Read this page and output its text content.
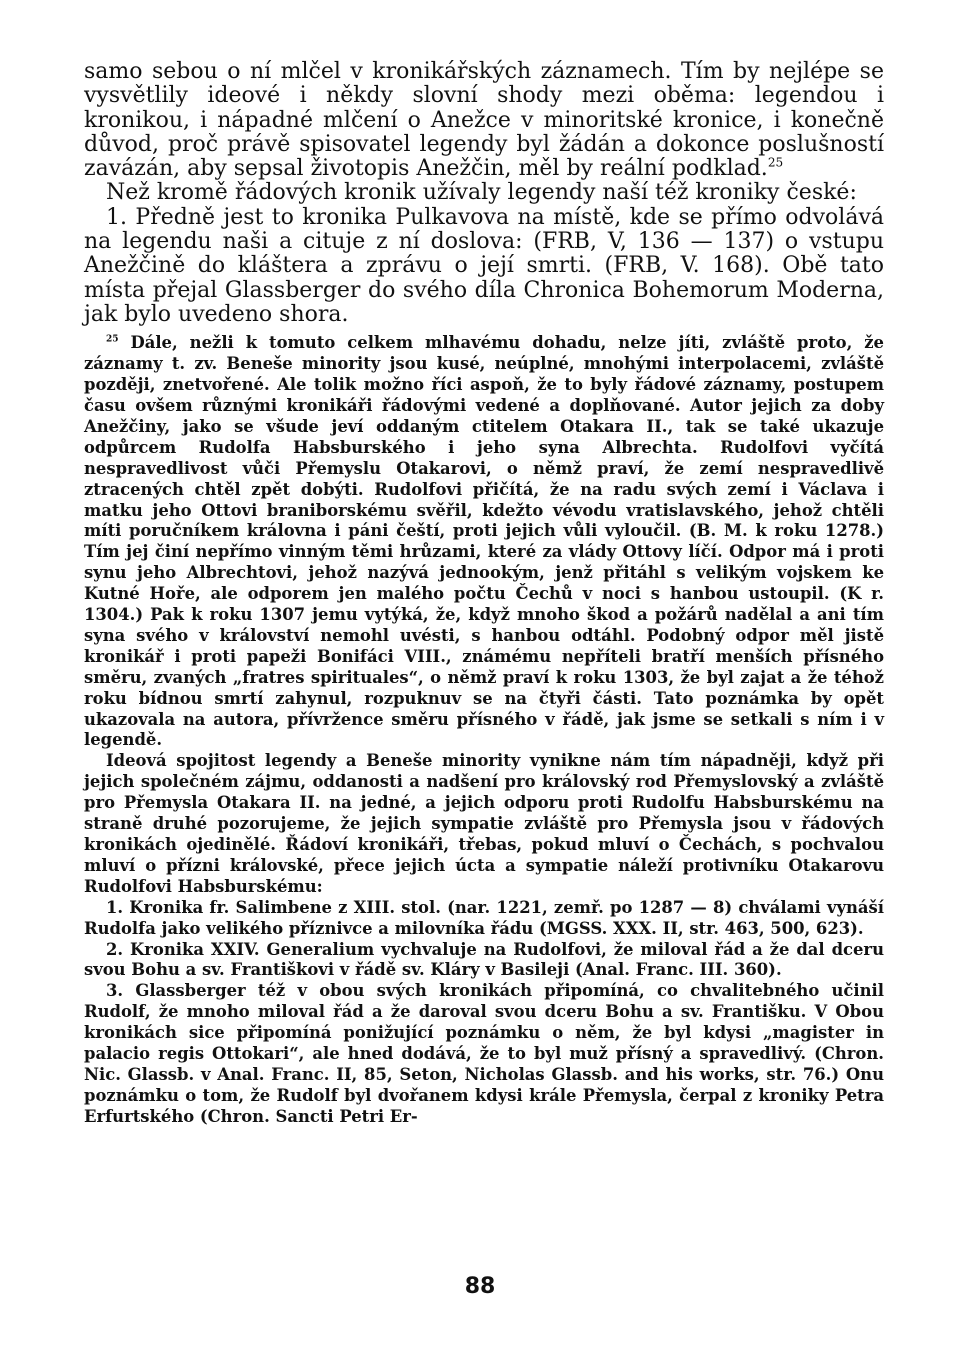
samo sebou o ní mlčel v kronikářských záznamech. Tím by nejlépe se vysvětlily ideové i někdy slovní shody mezi oběma: legendou i kronikou, i nápadné mlčení o Anežce v minoritské kronice, i konečně důvod, proč právě spisovatel legendy byl žádán a dokonce poslušností zavázán, aby sepsal životopis Anežčin, měl by reální podklad.$^{25}$

Než kromě řádových kronik užívaly legendy naší též kroniky české:

1. Předně jest to kronika Pulkavova na místě, kde se přímo odvolává na legendu naši a cituje z ní doslova: (FRB, V, 136 — 137) o vstupu Anežčině do kláštera a zprávu o její smrti. (FRB, V. 168). Obě tato místa přejal Glassberger do svého díla Chronica Bohemorum Moderna, jak bylo uvedeno shora.

$^{25}$ Dále, nežli k tomuto celkem mlhavému dohadu, nelze jíti, zvláště proto, že záznamy t. zv. Beneše minority jsou kusé, neúplné, mnohými interpolacemi, zvláště později, znetvořené. Ale tolik možno říci aspoň, že to byly řádové záznamy, postupem času ovšem různými kronikáři řádovými vedené a doplňované. Autor jejich za doby Anežčiny, jako se všude jeví oddaným ctitelem Otakara II., tak se také ukazuje odpůrcem Rudolfa Habsburského i jeho syna Albrechta. Rudolfovi vyčítá nespravedlivost vůči Přemyslu Otakarovi, o němž praví, že zemí nespravedlivě ztracených chtěl zpět dobýti. Rudolfovi přičítá, že na radu svých zemí i Václava i matku jeho Ottovi braniborskému svěřil, kdežto vévodu vratislavského, jehož chtěli míti poručníkem královna i páni čeští, proti jejich vůli vyloučil. (B. M. k roku 1278.) Tím jej činí nepřímo vinným těmi hrůzami, které za vlády Ottovy líčí. Odpor má i proti synu jeho Albrechtovi, jehož nazývá jednookým, jenž přitáhl s velikým vojskem ke Kutné Hoře, ale odporem jen malého počtu Čechů v noci s hanbou ustoupil. (K r. 1304.) Pak k roku 1307 jemu vytýká, že, když mnoho škod a požárů nadělal a ani tím syna svého v království nemohl uvésti, s hanbou odtáhl. Podobný odpor měl jistě kronikář i proti papeži Bonifáci VIII., známému nepříteli bratří menších přísného směru, zvaných „fratres spirituales“, o němž praví k roku 1303, že byl zajat a že téhož roku bídnou smrtí zahynul, rozpuknuv se na čtyři části. Tato poznámka by opět ukazovala na autora, přívržence směru přísného v řádě, jak jsme se setkali s ním i v legendě.

Ideová spojitost legendy a Beneše minority vynikne nám tím nápadněji, když při jejich společném zájmu, oddanosti a nadšení pro královský rod Přemyslovský a zvláště pro Přemysla Otakara II. na jedné, a jejich odporu proti Rudolfu Habsburskému na straně druhé pozorujeme, že jejich sympatie zvláště pro Přemysla jsou v řádových kronikách ojedinělé. Řádoví kronikáři, třebas, pokud mluví o Čechách, s pochvalou mluví o přízni královské, přece jejich úcta a sympatie náleží protivníku Otakarovu Rudolfovi Habsburskému:

1. Kronika fr. Salimbene z XIII. stol. (nar. 1221, zemř. po 1287 — 8) chválami vynáší Rudolfa jako velikého příznivce a milovníka řádu (MGSS. XXX. II, str. 463, 500, 623).

2. Kronika XXIV. Generalium vychvaluje na Rudolfovi, že miloval řád a že dal dceru svou Bohu a sv. Františkovi v řádě sv. Kláry v Basileji (Anal. Franc. III. 360).

3. Glassberger též v obou svých kronikách připomíná, co chvalitebného učinil Rudolf, že mnoho miloval řád a že daroval svou dceru Bohu a sv. Františku. V Obou kronikách sice připomíná ponižující poznámku o něm, že byl kdysi „magister in palacio regis Ottokari“, ale hned dodává, že to byl muž přísný a spravedlivý. (Chron. Nic. Glassb. v Anal. Franc. II, 85, Seton, Nicholas Glassb. and his works, str. 76.) Onu poznámku o tom, že Rudolf byl dvořanem kdysi krále Přemysla, čerpal z kroniky Petra Erfurtského (Chron. Sancti Petri Er-

88
